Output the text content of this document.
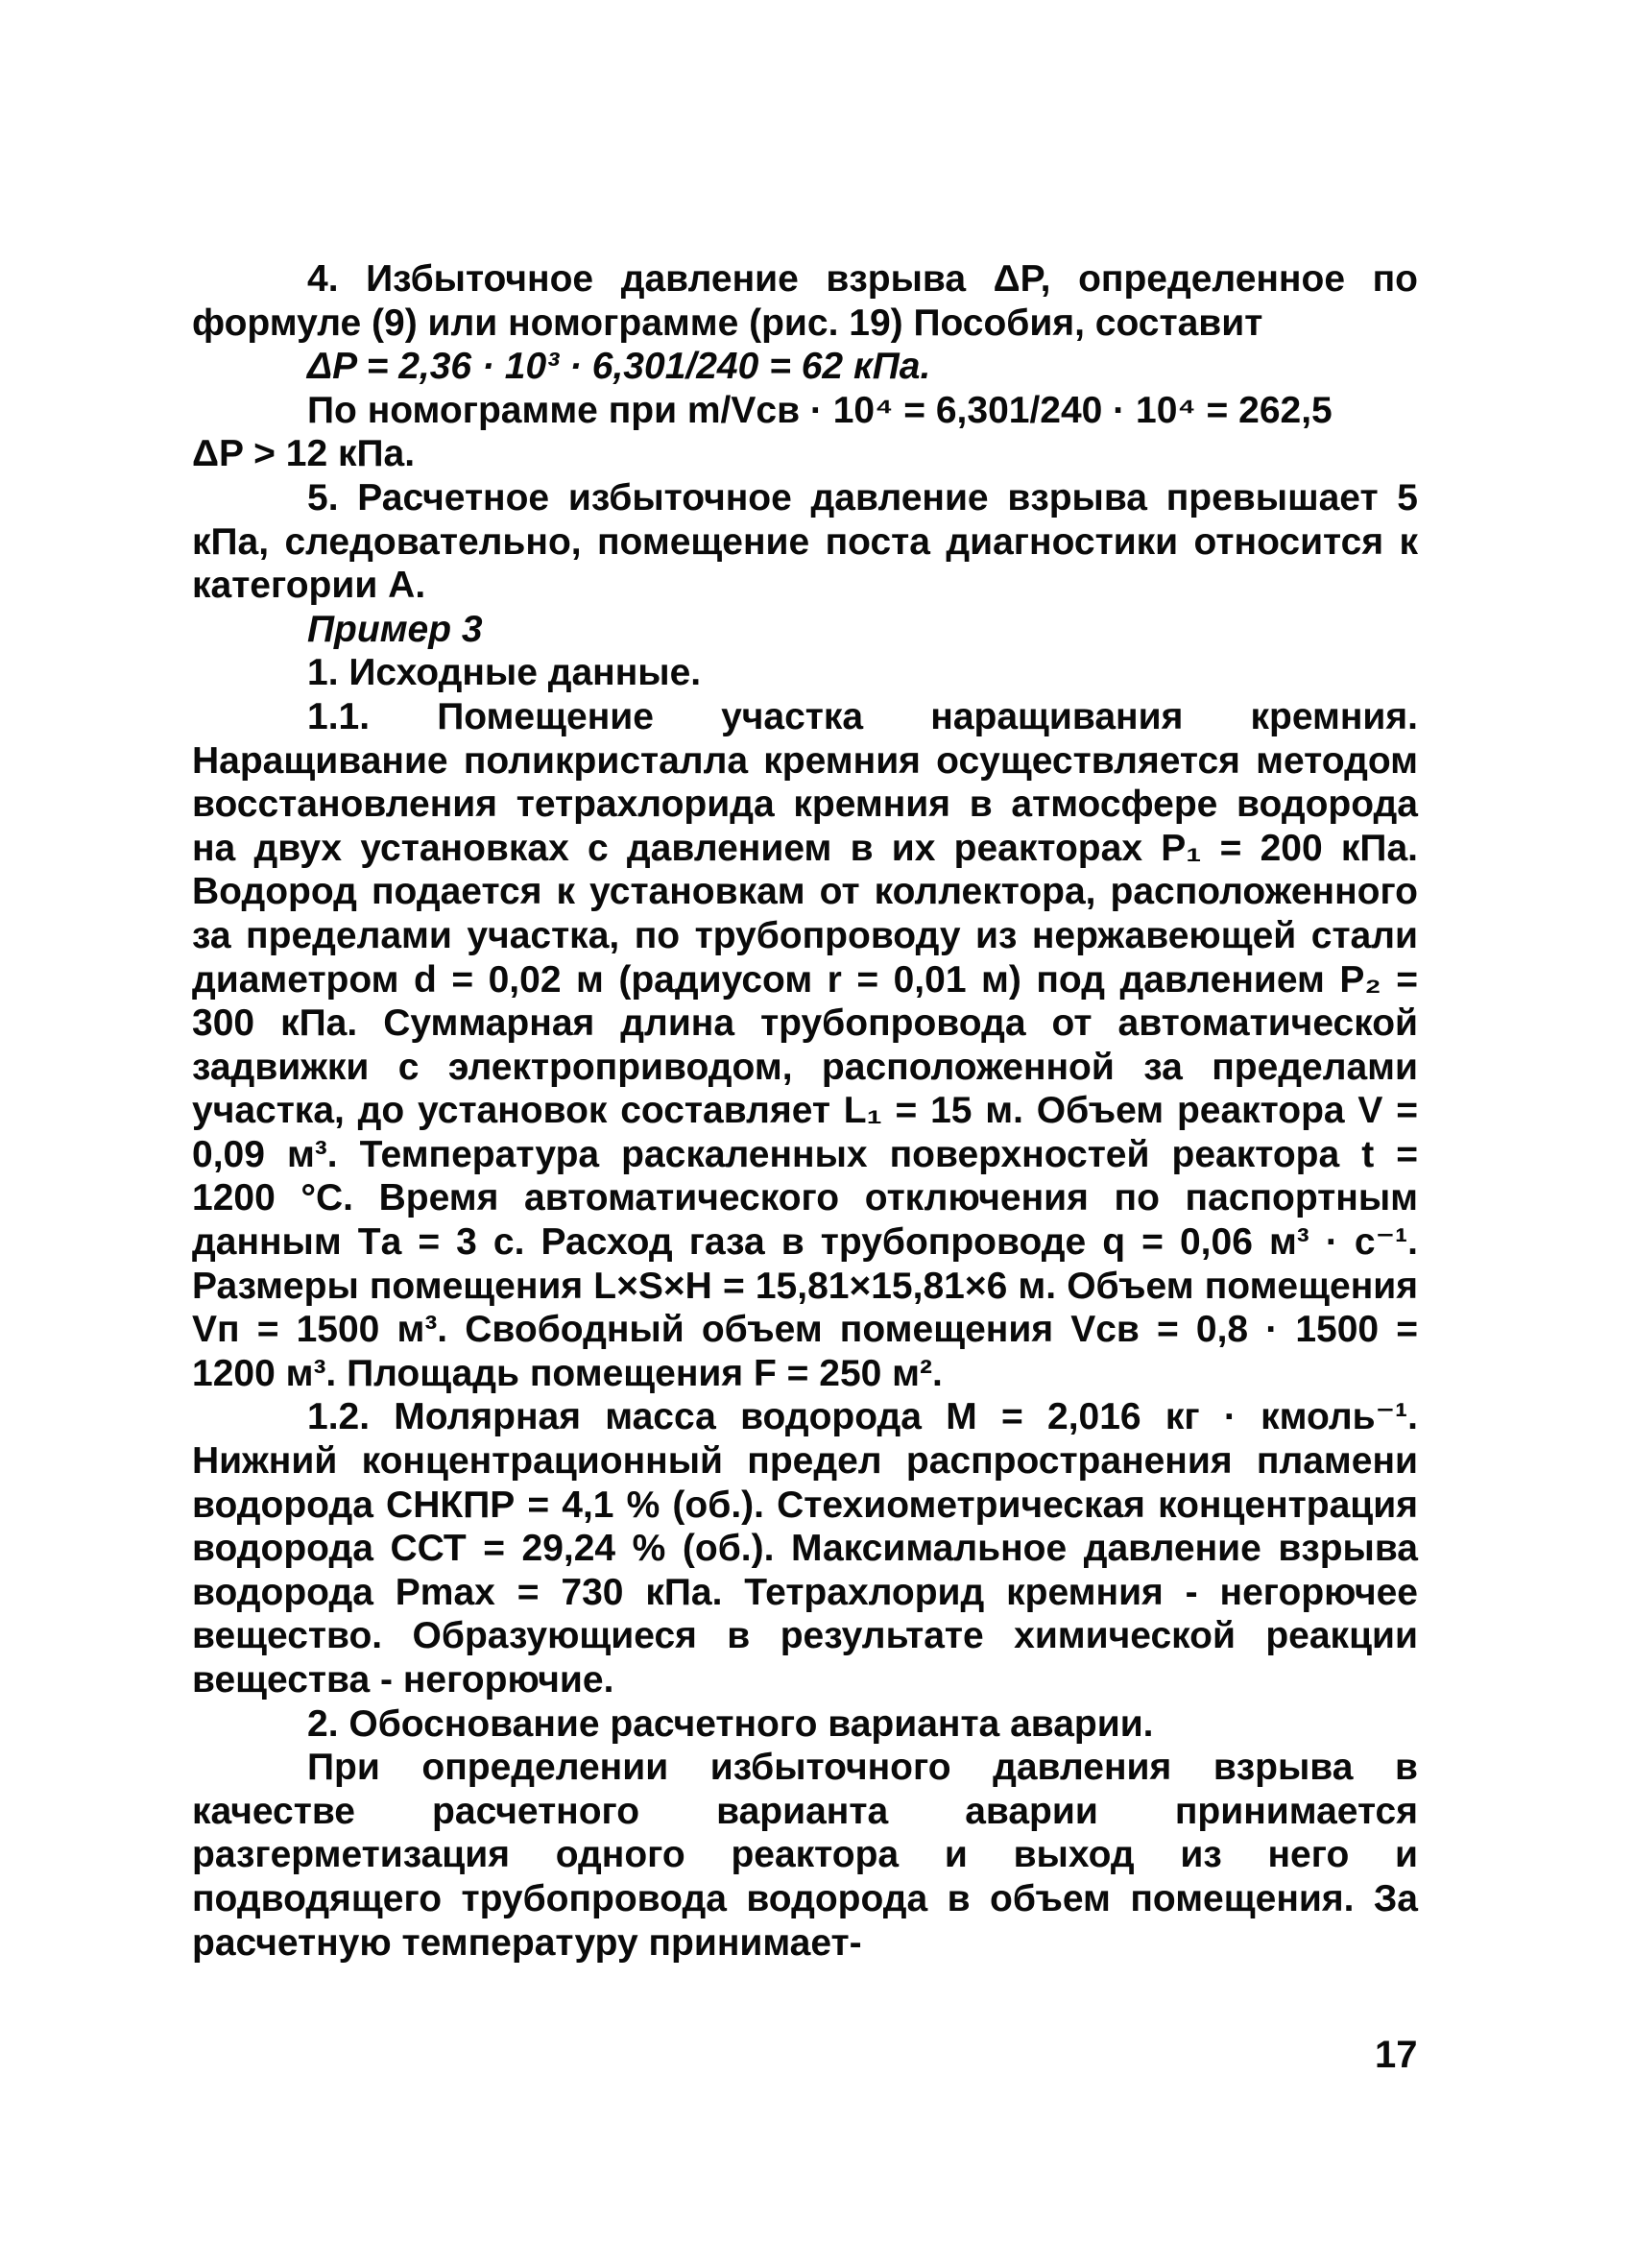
4. Избыточное давление взрыва ΔP, определенное по формуле (9) или номограмме (рис. 19) Пособия, составит

ΔP = 2,36 · 10³ · 6,301/240 = 62 кПа.

По номограмме при m/Vсв · 10⁴ = 6,301/240 · 10⁴ = 262,5

ΔP > 12 кПа.

5. Расчетное избыточное давление взрыва превышает 5 кПа, следовательно, помещение поста диагностики относится к категории А.

Пример 3

1. Исходные данные.

1.1. Помещение участка наращивания кремния. Наращивание поликристалла кремния осуществляется методом восстановления тетрахлорида кремния в атмосфере водорода на двух установках с давлением в их реакторах P₁ = 200 кПа. Водород подается к установкам от коллектора, расположенного за пределами участка, по трубопроводу из нержавеющей стали диаметром d = 0,02 м (радиусом r = 0,01 м) под давлением P₂ = 300 кПа. Суммарная длина трубопровода от автоматической задвижки с электроприводом, расположенной за пределами участка, до установок составляет L₁ = 15 м. Объем реактора V = 0,09 м³. Температура раскаленных поверхностей реактора t = 1200 °C. Время автоматического отключения по паспортным данным Tа = 3 с. Расход газа в трубопроводе q = 0,06 м³ · с⁻¹. Размеры помещения L×S×H = 15,81×15,81×6 м. Объем помещения Vп = 1500 м³. Свободный объем помещения Vсв = 0,8 · 1500 = 1200 м³. Площадь помещения F = 250 м².

1.2. Молярная масса водорода M = 2,016 кг · кмоль⁻¹. Нижний концентрационный предел распространения пламени водорода CНКПР = 4,1 % (об.). Стехиометрическая концентрация водорода CСТ = 29,24 % (об.). Максимальное давление взрыва водорода Pmax = 730 кПа. Тетрахлорид кремния - негорючее вещество. Образующиеся в результате химической реакции вещества - негорючие.

2. Обоснование расчетного варианта аварии.

При определении избыточного давления взрыва в качестве расчетного варианта аварии принимается разгерметизация одного реактора и выход из него и подводящего трубопровода водорода в объем помещения. За расчетную температуру принимает-

17
